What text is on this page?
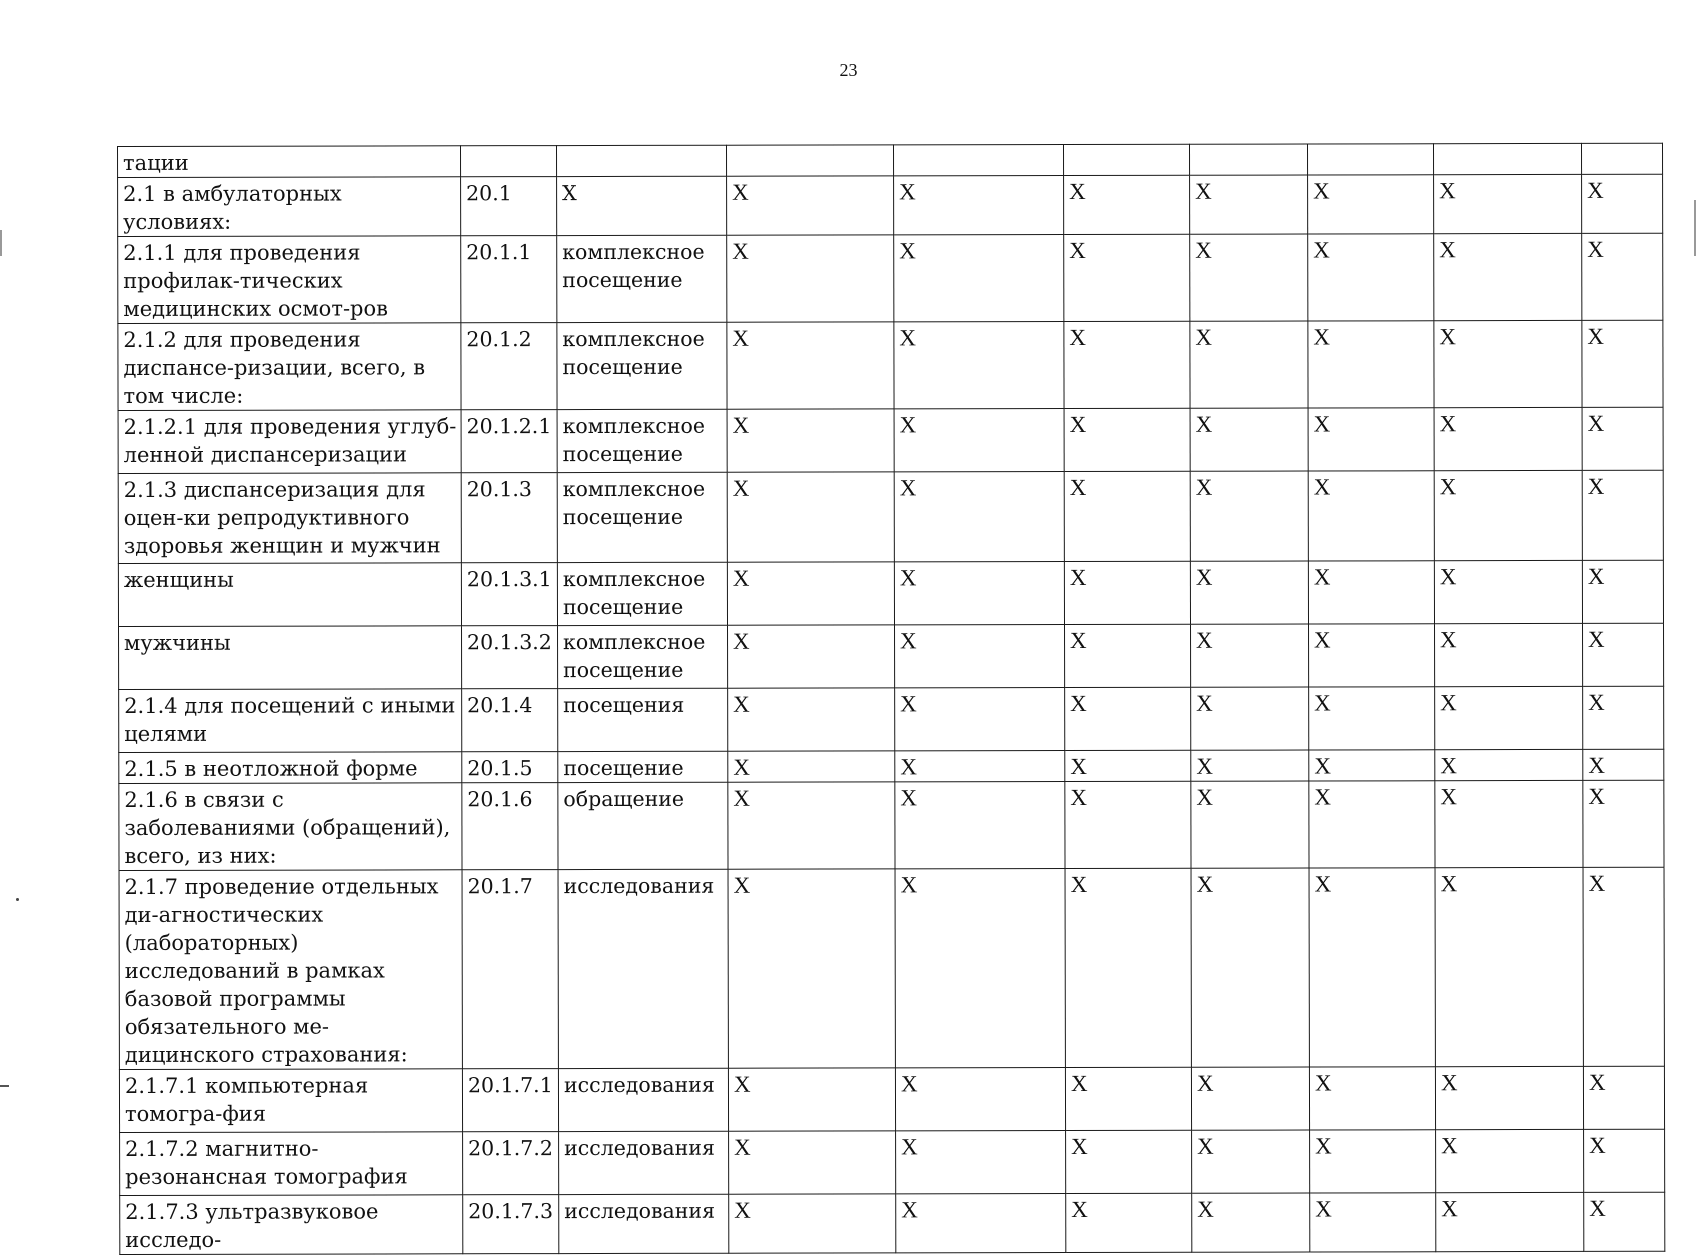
23
тации									
2.1 в амбулаторных условиях:	20.1	X	X	X	X	X	X	X	X
2.1.1 для проведения профилак-тических медицинских осмот-ров	20.1.1	комплексное посещение	X	X	X	X	X	X	X
2.1.2 для проведения диспансе-ризации, всего, в том числе:	20.1.2	комплексное посещение	X	X	X	X	X	X	X
2.1.2.1 для проведения углуб-ленной диспансеризации	20.1.2.1	комплексное посещение	X	X	X	X	X	X	X
2.1.3 диспансеризация для оцен-ки репродуктивного здоровья женщин и мужчин	20.1.3	комплексное посещение	X	X	X	X	X	X	X
женщины	20.1.3.1	комплексное посещение	X	X	X	X	X	X	X
мужчины	20.1.3.2	комплексное посещение	X	X	X	X	X	X	X
2.1.4 для посещений с иными целями	20.1.4	посещения	X	X	X	X	X	X	X
2.1.5 в неотложной форме	20.1.5	посещение	X	X	X	X	X	X	X
2.1.6 в связи с заболеваниями (обращений), всего, из них:	20.1.6	обращение	X	X	X	X	X	X	X
2.1.7 проведение отдельных ди-агностических (лабораторных) исследований в рамках базовой программы обязательного ме-дицинского страхования:	20.1.7	исследования	X	X	X	X	X	X	X
2.1.7.1 компьютерная томогра-фия	20.1.7.1	исследования	X	X	X	X	X	X	X
2.1.7.2 магнитно-резонансная томография	20.1.7.2	исследования	X	X	X	X	X	X	X
2.1.7.3 ультразвуковое исследо-	20.1.7.3	исследования	X	X	X	X	X	X	X
